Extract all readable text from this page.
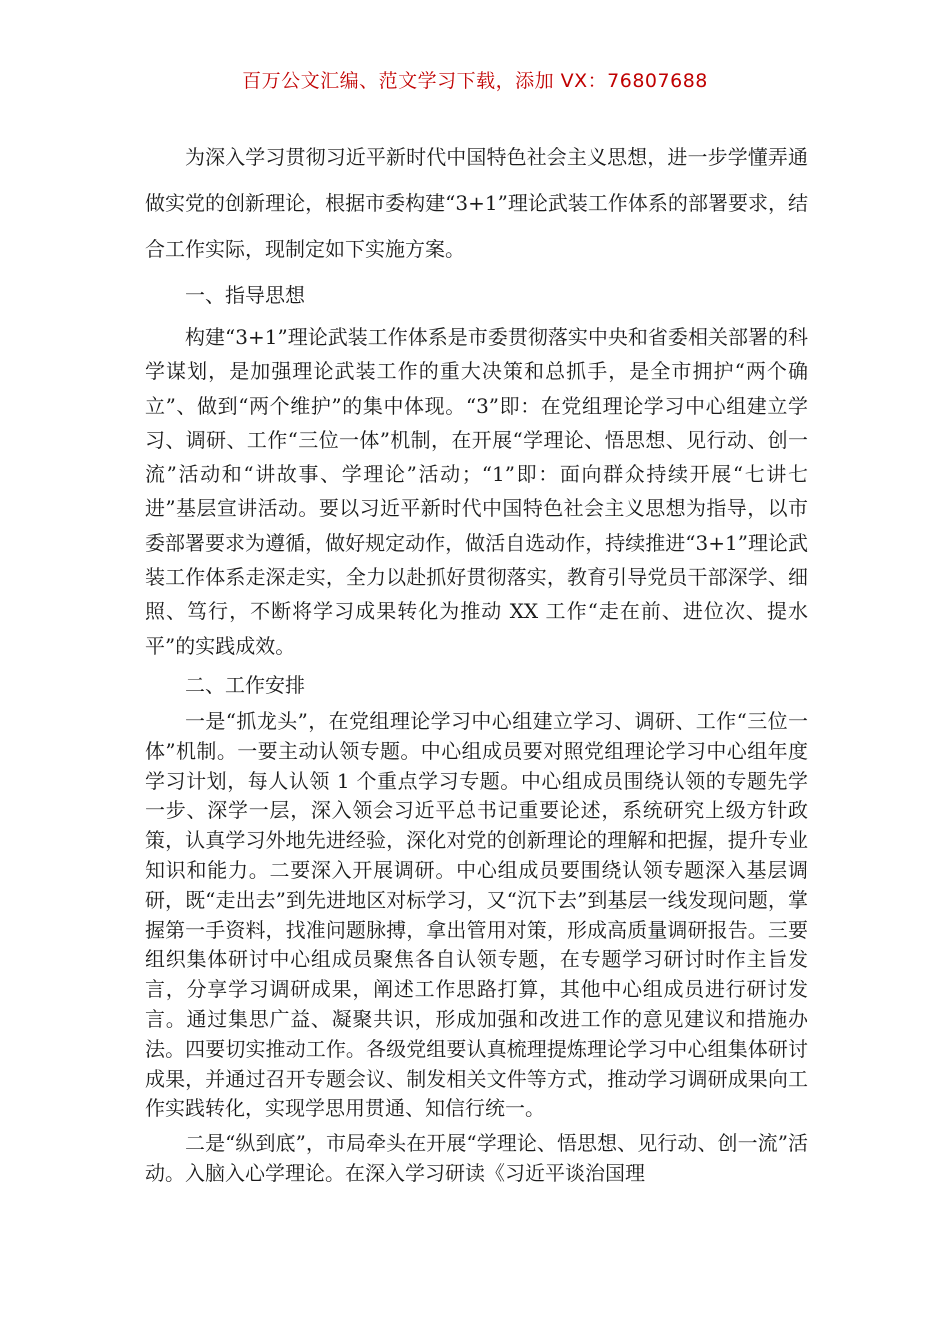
百万公文汇编、范文学习下载，添加 VX：76807688

为深入学习贯彻习近平新时代中国特色社会主义思想，进一步学懂弄通做实党的创新理论，根据市委构建“3+1”理论武装工作体系的部署要求，结合工作实际，现制定如下实施方案。

一、指导思想

构建“3+1”理论武装工作体系是市委贯彻落实中央和省委相关部署的科学谋划，是加强理论武装工作的重大决策和总抓手，是全市拥护“两个确立”、做到“两个维护”的集中体现。“3”即：在党组理论学习中心组建立学习、调研、工作“三位一体”机制，在开展“学理论、悟思想、见行动、创一流”活动和“讲故事、学理论”活动；“1”即：面向群众持续开展“七讲七进”基层宣讲活动。要以习近平新时代中国特色社会主义思想为指导，以市委部署要求为遵循，做好规定动作，做活自选动作，持续推进“3+1”理论武装工作体系走深走实，全力以赴抓好贯彻落实，教育引导党员干部深学、细照、笃行，不断将学习成果转化为推动 XX 工作“走在前、进位次、提水平”的实践成效。

二、工作安排

一是“抓龙头”，在党组理论学习中心组建立学习、调研、工作“三位一体”机制。一要主动认领专题。中心组成员要对照党组理论学习中心组年度学习计划，每人认领 1 个重点学习专题。中心组成员围绕认领的专题先学一步、深学一层，深入领会习近平总书记重要论述，系统研究上级方针政策，认真学习外地先进经验，深化对党的创新理论的理解和把握，提升专业知识和能力。二要深入开展调研。中心组成员要围绕认领专题深入基层调研，既“走出去”到先进地区对标学习，又“沉下去”到基层一线发现问题，掌握第一手资料，找准问题脉搏，拿出管用对策，形成高质量调研报告。三要组织集体研讨中心组成员聚焦各自认领专题，在专题学习研讨时作主旨发言，分享学习调研成果，阐述工作思路打算，其他中心组成员进行研讨发言。通过集思广益、凝聚共识，形成加强和改进工作的意见建议和措施办法。四要切实推动工作。各级党组要认真梳理提炼理论学习中心组集体研讨成果，并通过召开专题会议、制发相关文件等方式，推动学习调研成果向工作实践转化，实现学思用贯通、知信行统一。

二是“纵到底”，市局牵头在开展“学理论、悟思想、见行动、创一流”活动。入脑入心学理论。在深入学习研读《习近平谈治国理
